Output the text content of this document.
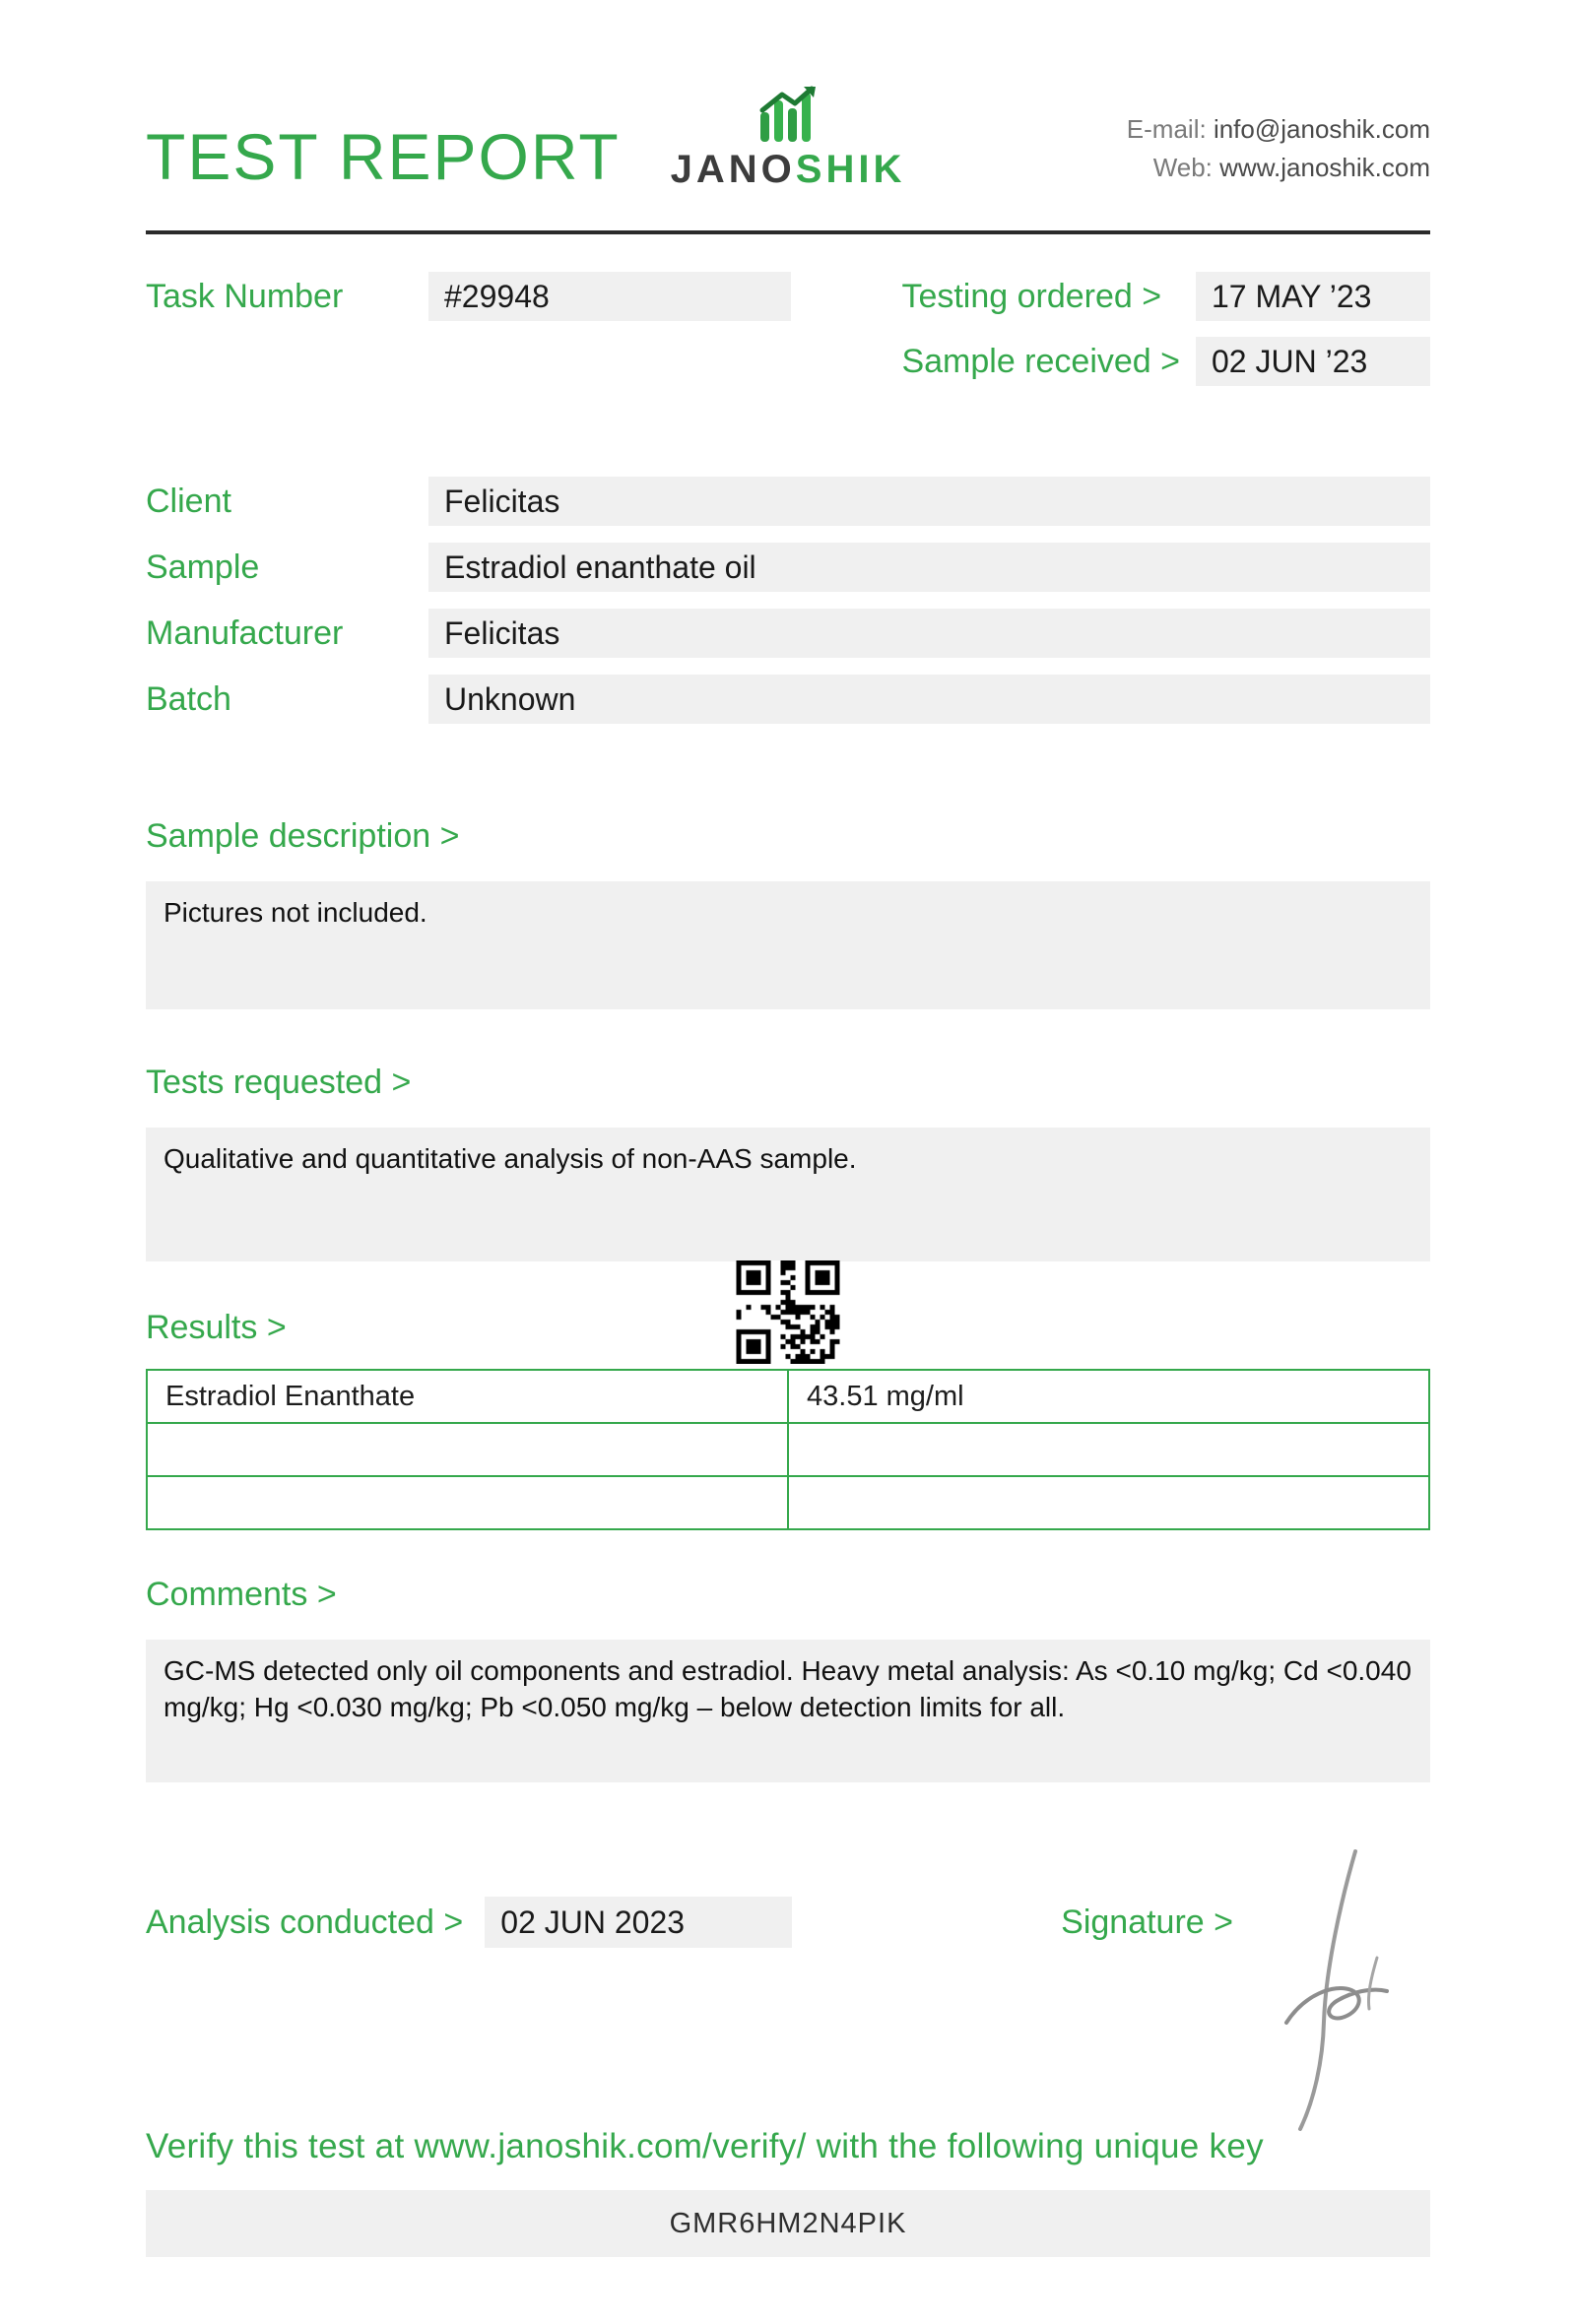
TEST REPORT	JANOSHIK
E-mail: info@janoshik.com
Web: www.janoshik.com
Task Number	#29948	Testing ordered >	17 MAY ’23
Sample received > 02 JUN ’23
Client	Felicitas
Sample	Estradiol enanthate oil
Manufacturer	Felicitas
Batch	Unknown
Sample description >

Pictures not included.

Tests requested >

Qualitative and quantitative analysis of non-AAS sample.

Results >
Estradiol Enanthate	43.51 mg/ml

Comments >

GC-MS detected only oil components and estradiol. Heavy metal analysis: As <0.10 mg/kg; Cd <0.040 mg/kg; Hg <0.030 mg/kg; Pb <0.050 mg/kg – below detection limits for all.

Analysis conducted > 02 JUN 2023	Signature >
Verify this test at www.janoshik.com/verify/ with the following unique key
GMR6HM2N4PIK
